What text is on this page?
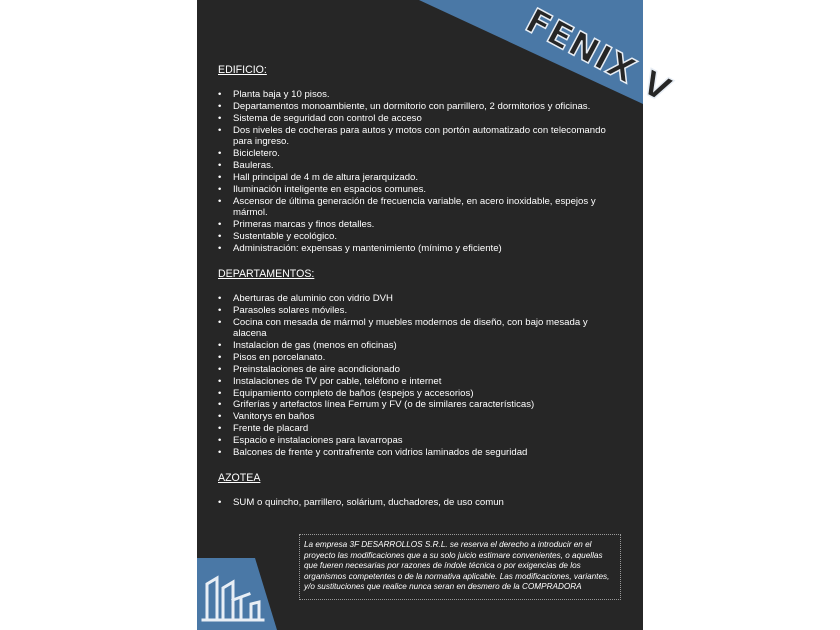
FENIX V
EDIFICIO:
• Planta baja y 10 pisos.
• Departamentos monoambiente, un dormitorio con parrillero, 2 dormitorios y oficinas.
• Sistema de seguridad con control de acceso
• Dos niveles de cocheras para autos y motos con portón automatizado con telecomando para ingreso.
• Bicicletero.
• Bauleras.
• Hall principal de 4 m de altura jerarquizado.
• Iluminación inteligente en espacios comunes.
• Ascensor de última generación de frecuencia variable, en acero inoxidable, espejos y mármol.
• Primeras marcas y finos detalles.
• Sustentable y ecológico.
• Administración: expensas y mantenimiento (mínimo y eficiente)
DEPARTAMENTOS:
• Aberturas de aluminio con vidrio DVH
• Parasoles solares móviles.
• Cocina con mesada de mármol y muebles modernos de diseño, con bajo mesada y alacena
• Instalacion de gas (menos en oficinas)
• Pisos en porcelanato.
• Preinstalaciones de aire acondicionado
• Instalaciones de TV por cable, teléfono e internet
• Equipamiento completo de baños (espejos y accesorios)
• Griferías y artefactos línea Ferrum y FV (o de similares características)
• Vanitorys en baños
• Frente de placard
• Espacio e instalaciones para lavarropas
• Balcones de frente y contrafrente con vidrios laminados de seguridad
AZOTEA
• SUM o quincho, parrillero, solárium, duchadores, de uso comun
La empresa 3F DESARROLLOS S.R.L. se reserva el derecho a introducir en el proyecto las modificaciones que a su solo juicio estimare convenientes, o aquellas que fueren necesarias por razones de índole técnica o por exigencias de los organismos competentes o de la normativa aplicable. Las modificaciones, variantes, y/o sustituciones que realice nunca seran en desmero de la COMPRADORA
